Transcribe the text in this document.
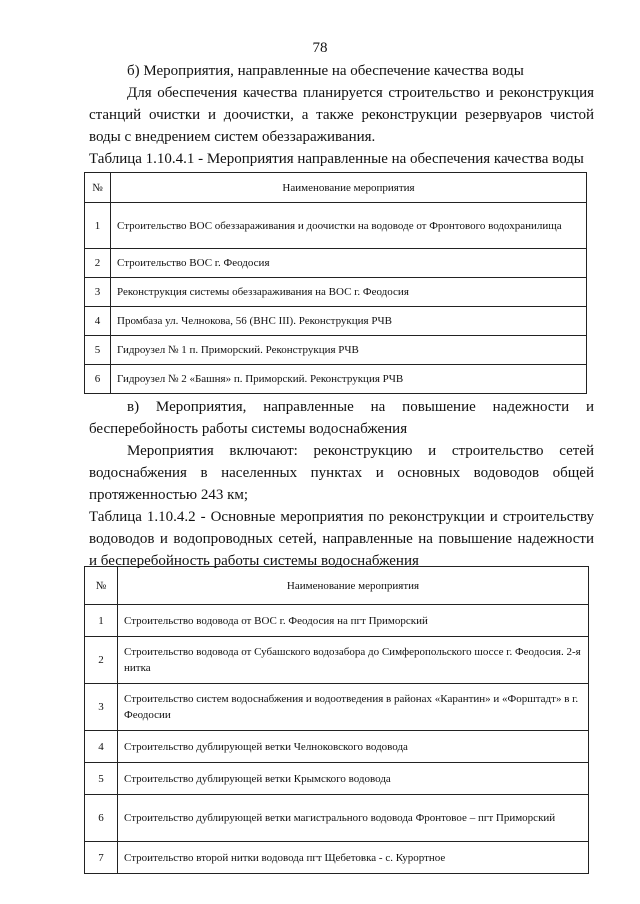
78
б) Мероприятия, направленные на обеспечение качества воды
Для обеспечения качества планируется строительство и реконструкция
станций очистки и доочистки, а также реконструкции резервуаров чистой
воды с внедрением систем обеззараживания.
Таблица 1.10.4.1 - Мероприятия направленные на обеспечения качества воды
№	Наименование мероприятия
1	Строительство ВОС обеззараживания и доочистки на водоводе от Фронтового водохранилища
2	Строительство ВОС г. Феодосия
3	Реконструкция системы обеззараживания на ВОС г. Феодосия
4	Промбаза ул. Челнокова, 56 (ВНС III). Реконструкция РЧВ
5	Гидроузел № 1 п. Приморский. Реконструкция РЧВ
6	Гидроузел № 2 «Башня» п. Приморский. Реконструкция РЧВ
в) Мероприятия, направленные на повышение надежности и
бесперебойность работы системы водоснабжения
Мероприятия включают: реконструкцию и строительство сетей
водоснабжения в населенных пунктах и основных водоводов общей
протяженностью 243 км;
Таблица 1.10.4.2 - Основные мероприятия по реконструкции и строительству
водоводов и водопроводных сетей, направленные на повышение надежности
и бесперебойность работы системы водоснабжения
№	Наименование мероприятия
1	Строительство водовода от ВОС г. Феодосия на пгт Приморский
2	Строительство водовода от Субашского водозабора до Симферопольского шоссе г. Феодосия. 2-я нитка
3	Строительство систем водоснабжения и водоотведения в районах «Карантин» и «Форштадт» в г. Феодосии
4	Строительство дублирующей ветки Челноковского водовода
5	Строительство дублирующей ветки Крымского водовода
6	Строительство дублирующей ветки магистрального водовода Фронтовое – пгт Приморский
7	Строительство второй нитки водовода пгт Щебетовка - с. Курортное
